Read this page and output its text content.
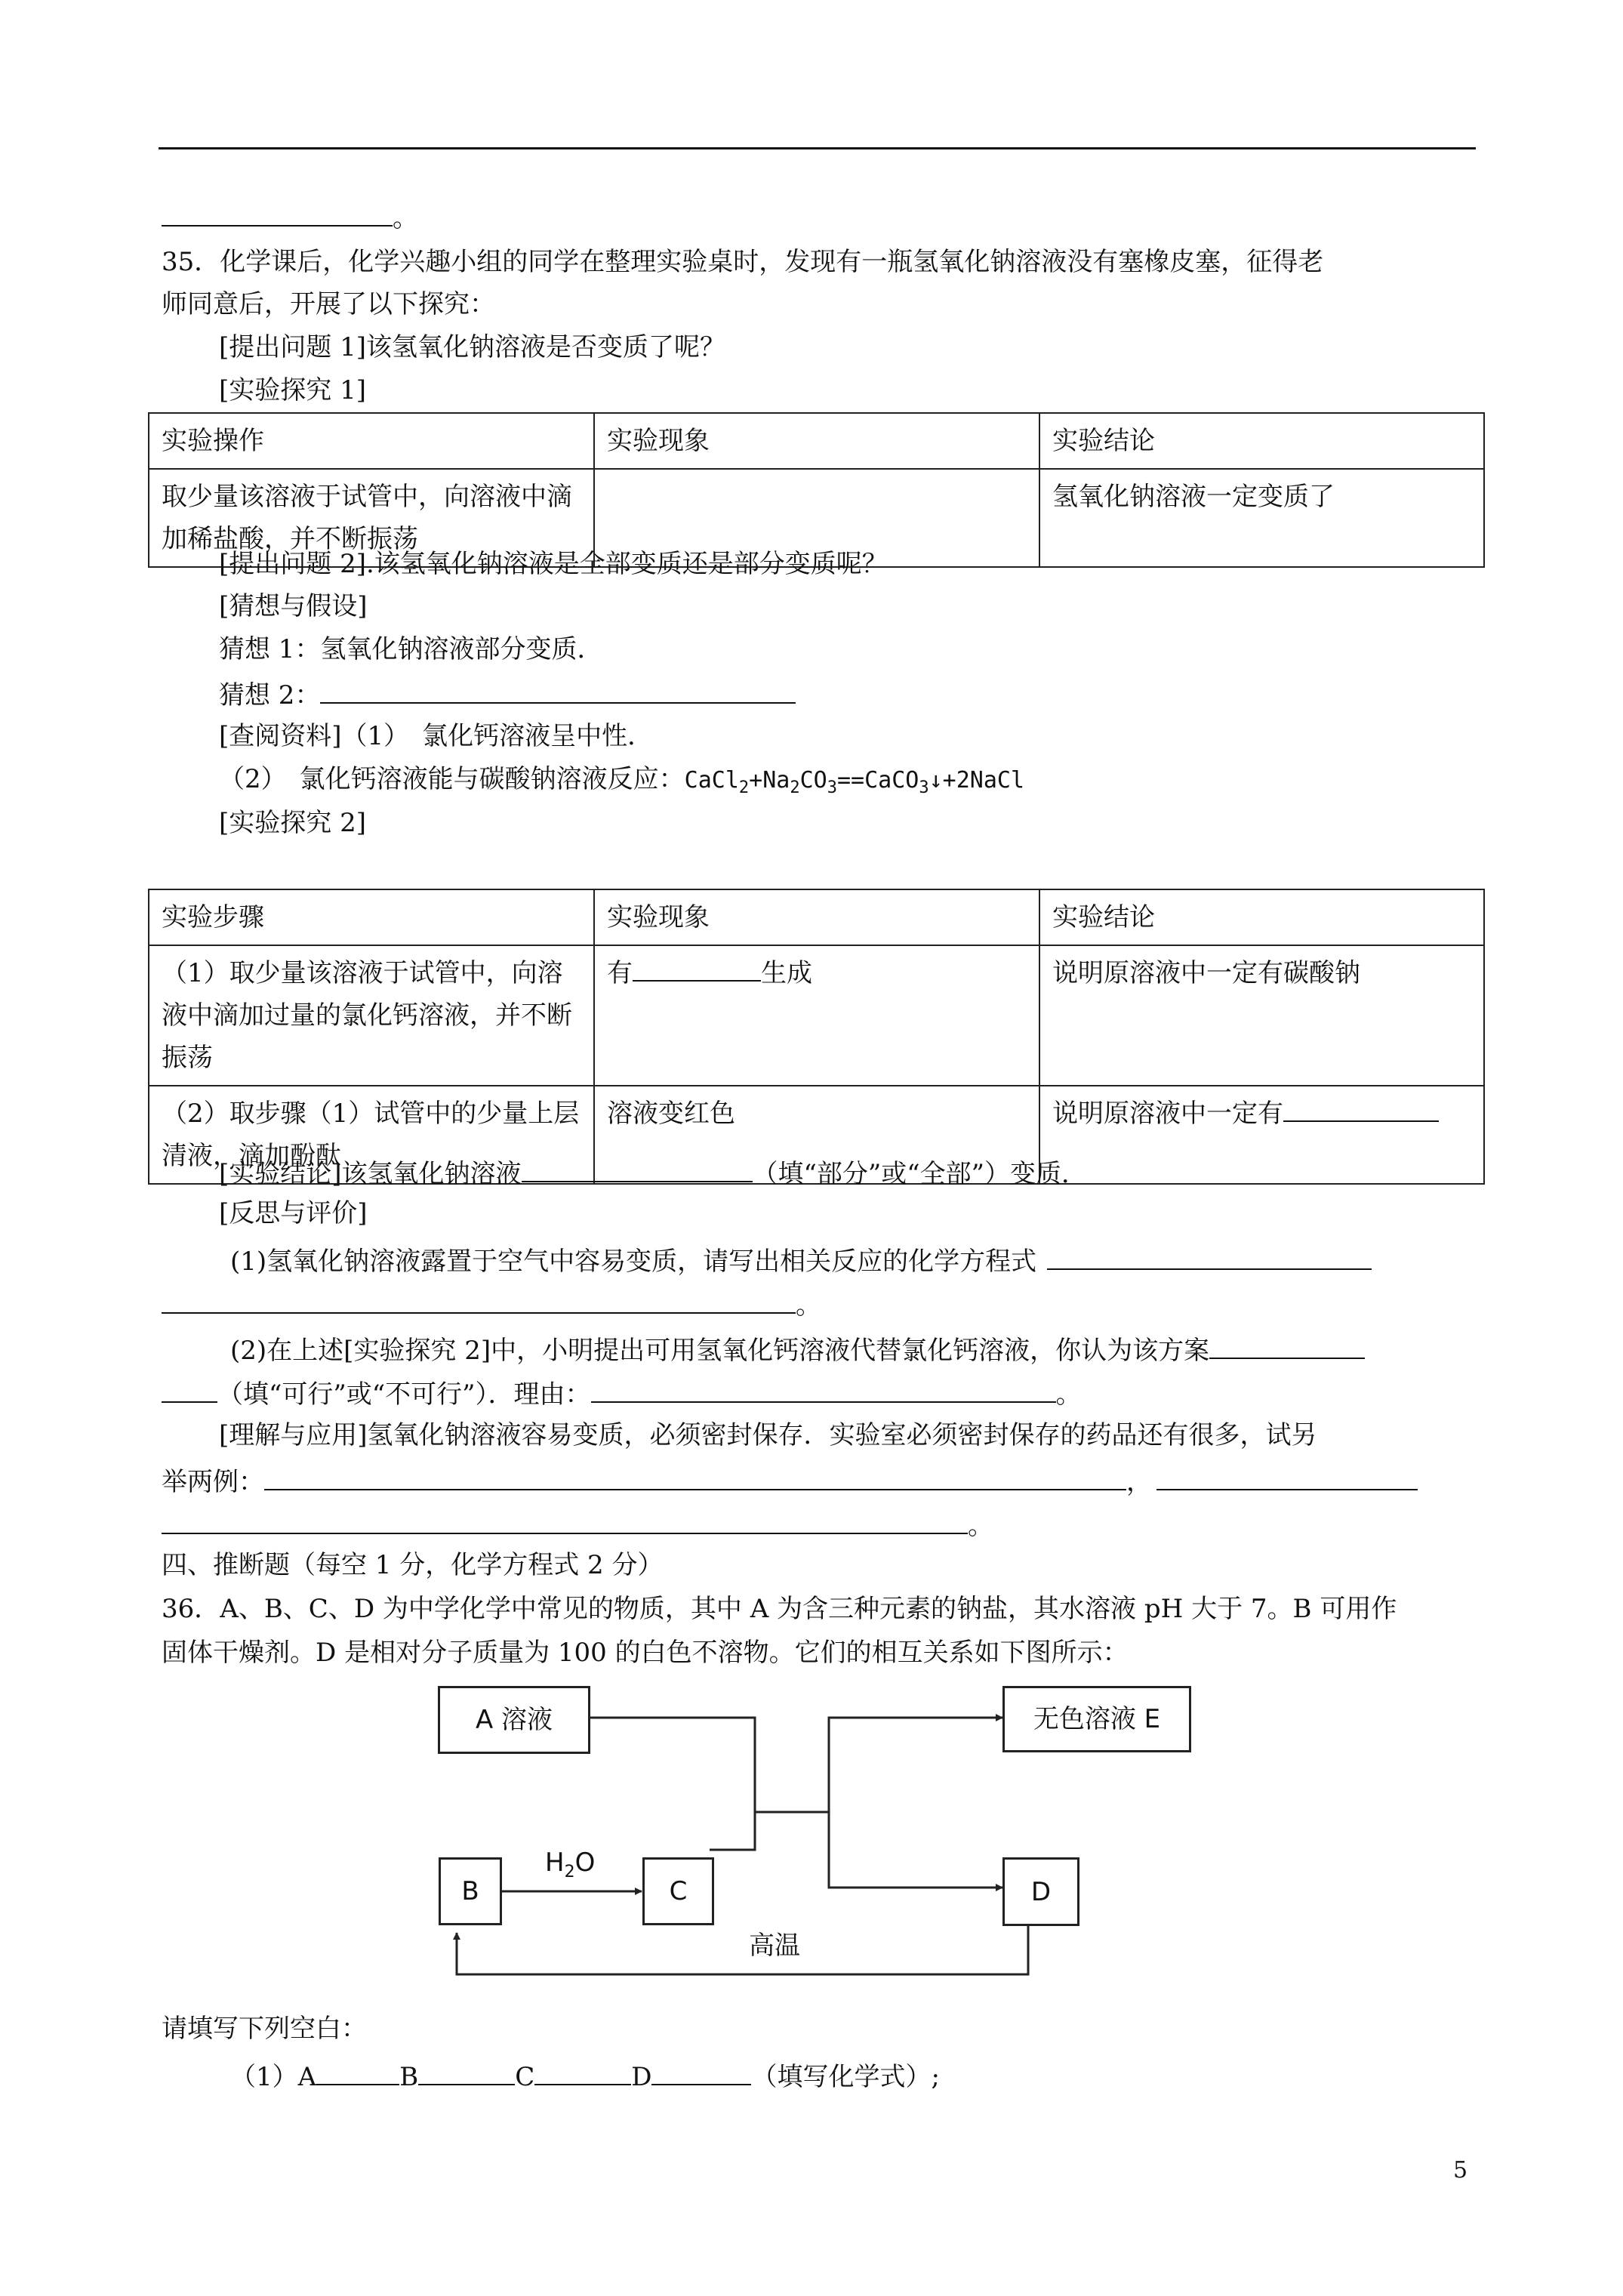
。
35．化学课后，化学兴趣小组的同学在整理实验桌时，发现有一瓶氢氧化钠溶液没有塞橡皮塞，征得老
师同意后，开展了以下探究：
[提出问题 1]该氢氧化钠溶液是否变质了呢？
[实验探究 1]
实验操作	实验现象	实验结论
取少量该溶液于试管中，向溶液中滴加稀盐酸，并不断振荡		氢氧化钠溶液一定变质了
[提出问题 2].该氢氧化钠溶液是全部变质还是部分变质呢？
[猜想与假设]
猜想 1：氢氧化钠溶液部分变质．
猜想 2：
[查阅资料]（1）　氯化钙溶液呈中性．
（2）　氯化钙溶液能与碳酸钠溶液反应：$CaCl_2+Na_2CO_3==CaCO_3↓+2NaCl$
[实验探究 2]
实验步骤	实验现象	实验结论
（1）取少量该溶液于试管中，向溶液中滴加过量的氯化钙溶液，并不断振荡	有 生成	说明原溶液中一定有碳酸钠
（2）取步骤（1）试管中的少量上层清液，滴加酚酞	溶液变红色	说明原溶液中一定有
[实验结论]该氢氧化钠溶液	（填“部分”或“全部”）变质．
[反思与评价]
(1)氢氧化钠溶液露置于空气中容易变质，请写出相关反应的化学方程式
。
(2)在上述[实验探究 2]中，小明提出可用氢氧化钙溶液代替氯化钙溶液，你认为该方案
（填“可行”或“不可行”）．理由：	。
[理解与应用]氢氧化钠溶液容易变质，必须密封保存．实验室必须密封保存的药品还有很多，试另
举两例：	，
。
四、推断题（每空 1 分，化学方程式 2 分）
36．A、B、C、D 为中学化学中常见的物质，其中 A 为含三种元素的钠盐，其水溶液 pH 大于 7。B 可用作
固体干燥剂。D 是相对分子质量为 100 的白色不溶物。它们的相互关系如下图所示：
A 溶液	无色溶液 E
B	C	D
$H_2O$
高温
请填写下列空白：
（1）A	B	C	D	（填写化学式）;
5
